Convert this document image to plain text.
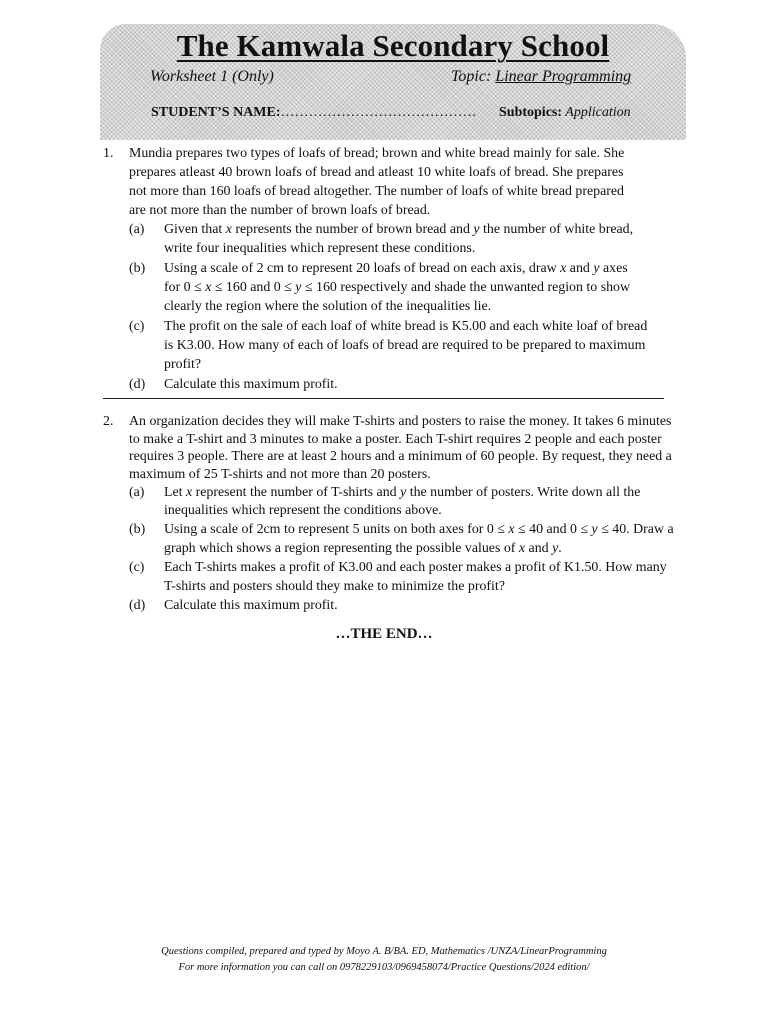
The Kamwala Secondary School
Worksheet 1 (Only)	Topic: Linear Programming
STUDENT’S NAME:…………………………………… Subtopics: Application
1. Mundia prepares two types of loafs of bread; brown and white bread mainly for sale. She
prepares atleast 40 brown loafs of bread and atleast 10 white loafs of bread. She prepares
not more than 160 loafs of bread altogether. The number of loafs of white bread prepared
are not more than the number of brown loafs of bread.
(a) Given that x represents the number of brown bread and y the number of white bread,
write four inequalities which represent these conditions.
(b) Using a scale of 2 cm to represent 20 loafs of bread on each axis, draw x and y axes
for 0 ≤ x ≤ 160 and 0 ≤ y ≤ 160 respectively and shade the unwanted region to show
clearly the region where the solution of the inequalities lie.
(c) The profit on the sale of each loaf of white bread is K5.00 and each white loaf of bread
is K3.00. How many of each of loafs of bread are required to be prepared to maximum
profit?
(d) Calculate this maximum profit.
2. An organization decides they will make T-shirts and posters to raise the money. It takes 6 minutes
to make a T-shirt and 3 minutes to make a poster. Each T-shirt requires 2 people and each poster
requires 3 people. There are at least 2 hours and a minimum of 60 people. By request, they need a
maximum of 25 T-shirts and not more than 20 posters.
(a) Let x represent the number of T-shirts and y the number of posters. Write down all the
inequalities which represent the conditions above.
(b) Using a scale of 2cm to represent 5 units on both axes for 0 ≤ x ≤ 40 and 0 ≤ y ≤ 40. Draw a
graph which shows a region representing the possible values of x and y.
(c) Each T-shirts makes a profit of K3.00 and each poster makes a profit of K1.50. How many
T-shirts and posters should they make to minimize the profit?
(d) Calculate this maximum profit.
…THE END…
Questions compiled, prepared and typed by Moyo A. B/BA. ED, Mathematics /UNZA/LinearProgramming
For more information you can call on 0978229103/0969458074/Practice Questions/2024 edition/
